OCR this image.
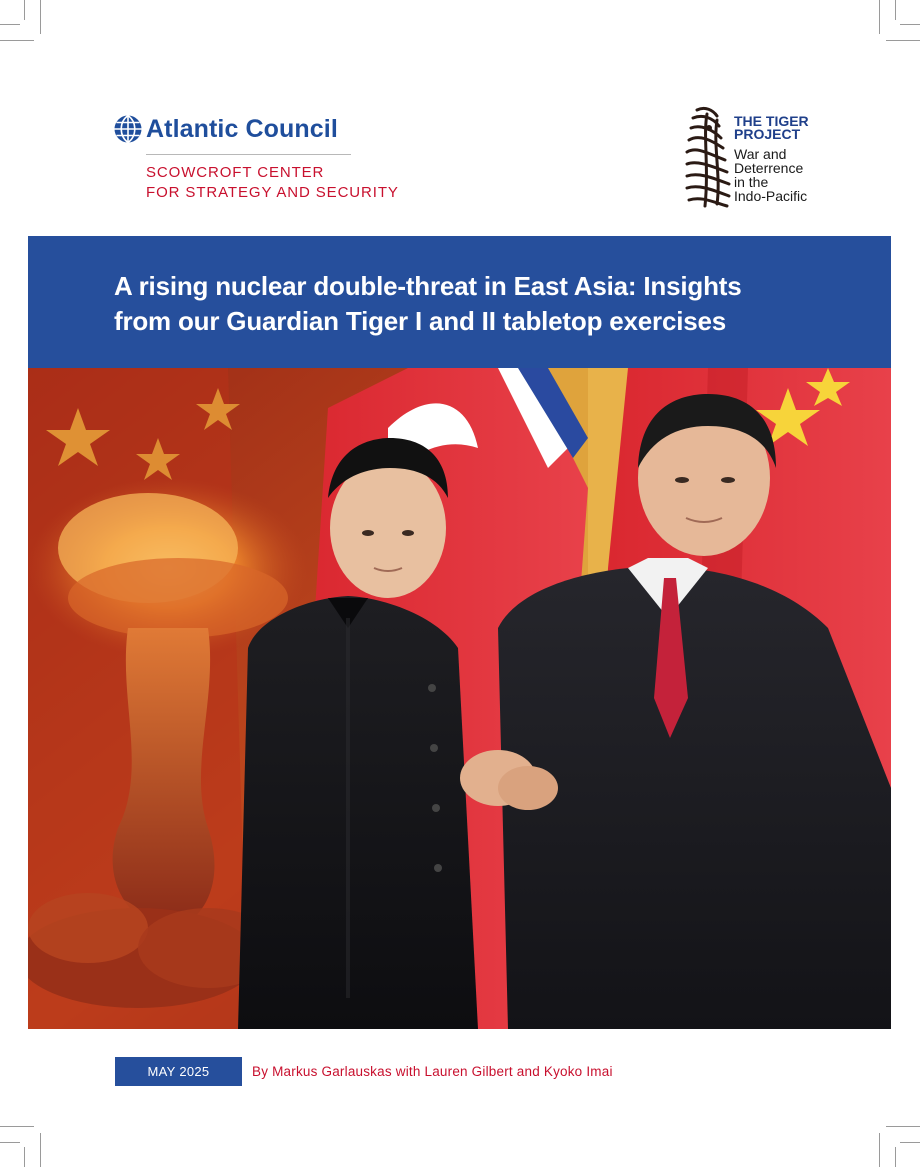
Atlantic Council
SCOWCROFT CENTER
FOR STRATEGY AND SECURITY
THE TIGER
PROJECT
War and
Deterrence
in the
Indo-Pacific
A rising nuclear double-threat in East Asia: Insights
from our Guardian Tiger I and II tabletop exercises
MAY 2025	By Markus Garlauskas with Lauren Gilbert and Kyoko Imai
